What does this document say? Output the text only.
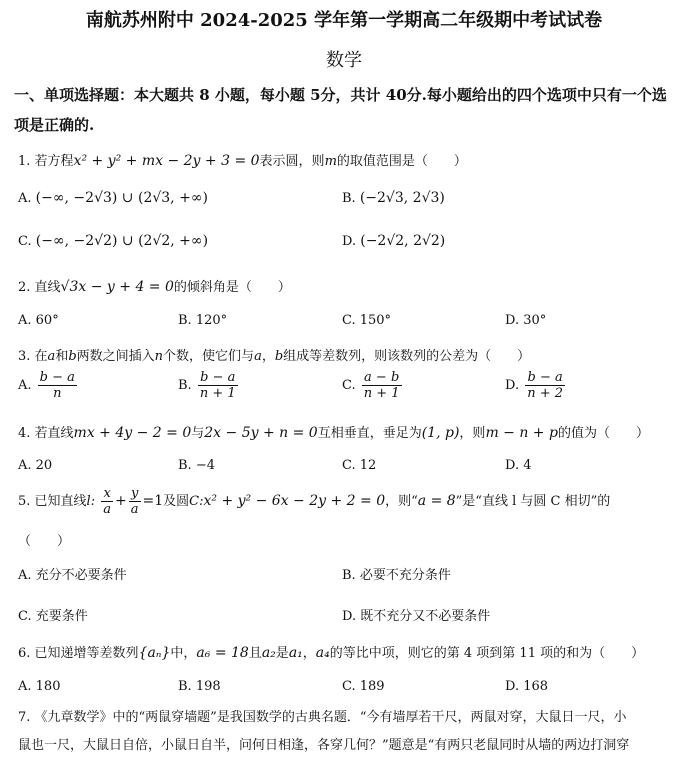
南航苏州附中 2024-2025 学年第一学期高二年级期中考试试卷
数学
一、单项选择题：本大题共 8 小题，每小题 5分，共计 40分.每小题给出的四个选项中只有一个选项是正确的.
1. 若方程x² + y² + mx − 2y + 3 = 0表示圆，则m的取值范围是（　　）
A. (−∞, −2√3) ∪ (2√3, +∞)	B. (−2√3, 2√3)
C. (−∞, −2√2) ∪ (2√2, +∞)	D. (−2√2, 2√2)
2. 直线√3x − y + 4 = 0的倾斜角是（　　）
A. 60°	B. 120°	C. 150°	D. 30°
3. 在a和b两数之间插入n个数，使它们与a，b组成等差数列，则该数列的公差为（　　）
A. $\frac{b - a}{n}$	B. $\frac{b - a}{n + 1}$	C. $\frac{a - b}{n + 1}$	D. $\frac{b - a}{n + 2}$
4. 若直线mx + 4y − 2 = 0与2x − 5y + n = 0互相垂直，垂足为(1, p)，则m − n + p的值为（　　）
A. 20	B. −4	C. 12	D. 4
5. 已知直线l: $\frac{x}{a} + \frac{y}{a} =1$及圆C:x² + y² − 6x − 2y + 2 = 0，则“a = 8”是“直线 l 与圆 C 相切”的
（　　）
A. 充分不必要条件	B. 必要不充分条件
C. 充要条件	D. 既不充分又不必要条件
6. 已知递增等差数列{aₙ}中，a₆ = 18且a₂是a₁，a₄的等比中项，则它的第 4 项到第 11 项的和为（　　）
A. 180	B. 198	C. 189	D. 168
7. 《九章数学》中的“两鼠穿墙题”是我国数学的古典名题．“今有墙厚若干尺，两鼠对穿，大鼠日一尺，小
鼠也一尺，大鼠日自倍，小鼠日自半，问何日相逢，各穿几何？”题意是“有两只老鼠同时从墙的两边打洞穿
